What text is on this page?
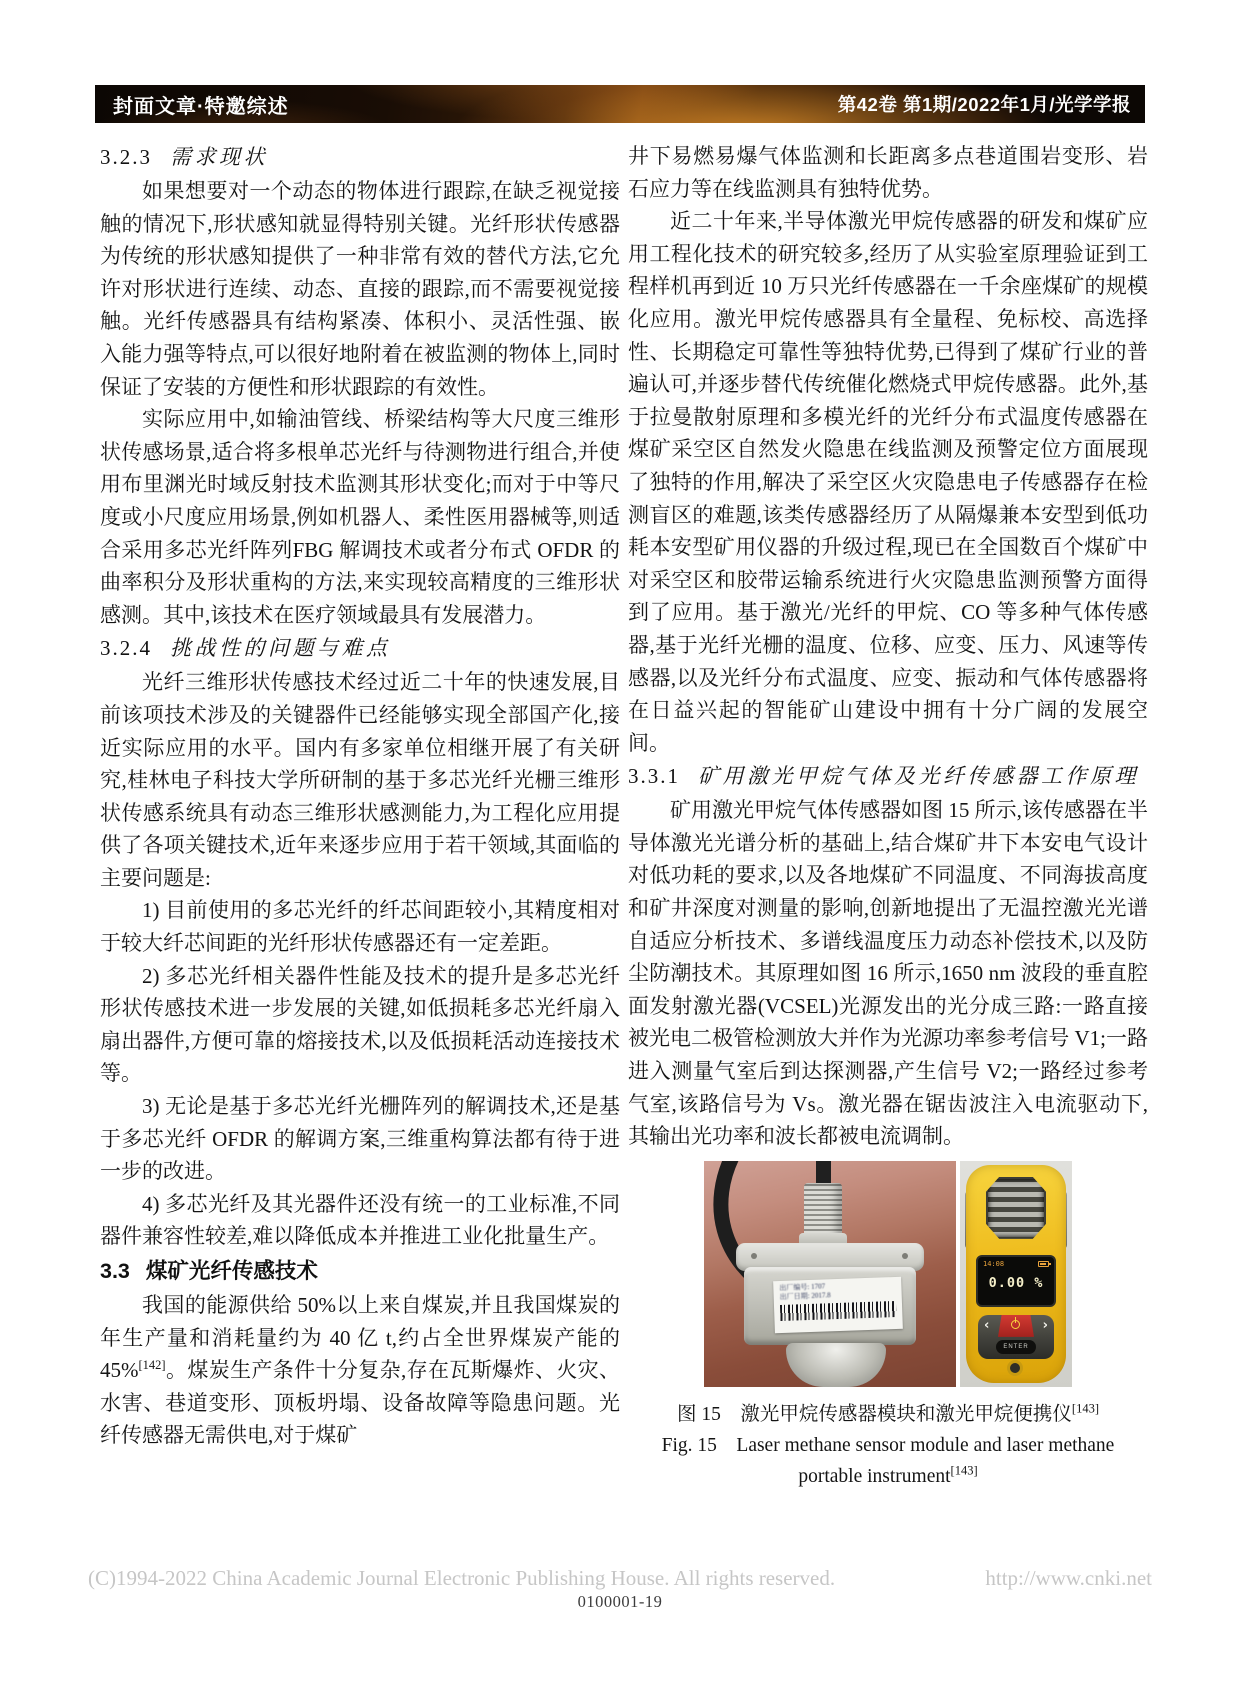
封面文章·特邀综述	第42卷 第1期/2022年1月/光学学报
3.2.3 需求现状

如果想要对一个动态的物体进行跟踪,在缺乏视觉接触的情况下,形状感知就显得特别关键。光纤形状传感器为传统的形状感知提供了一种非常有效的替代方法,它允许对形状进行连续、动态、直接的跟踪,而不需要视觉接触。光纤传感器具有结构紧凑、体积小、灵活性强、嵌入能力强等特点,可以很好地附着在被监测的物体上,同时保证了安装的方便性和形状跟踪的有效性。

实际应用中,如输油管线、桥梁结构等大尺度三维形状传感场景,适合将多根单芯光纤与待测物进行组合,并使用布里渊光时域反射技术监测其形状变化;而对于中等尺度或小尺度应用场景,例如机器人、柔性医用器械等,则适合采用多芯光纤阵列FBG 解调技术或者分布式 OFDR 的曲率积分及形状重构的方法,来实现较高精度的三维形状感测。其中,该技术在医疗领域最具有发展潜力。

3.2.4 挑战性的问题与难点

光纤三维形状传感技术经过近二十年的快速发展,目前该项技术涉及的关键器件已经能够实现全部国产化,接近实际应用的水平。国内有多家单位相继开展了有关研究,桂林电子科技大学所研制的基于多芯光纤光栅三维形状传感系统具有动态三维形状感测能力,为工程化应用提供了各项关键技术,近年来逐步应用于若干领域,其面临的主要问题是:

1) 目前使用的多芯光纤的纤芯间距较小,其精度相对于较大纤芯间距的光纤形状传感器还有一定差距。

2) 多芯光纤相关器件性能及技术的提升是多芯光纤形状传感技术进一步发展的关键,如低损耗多芯光纤扇入扇出器件,方便可靠的熔接技术,以及低损耗活动连接技术等。

3) 无论是基于多芯光纤光栅阵列的解调技术,还是基于多芯光纤 OFDR 的解调方案,三维重构算法都有待于进一步的改进。

4) 多芯光纤及其光器件还没有统一的工业标准,不同器件兼容性较差,难以降低成本并推进工业化批量生产。

3.3 煤矿光纤传感技术

我国的能源供给 50%以上来自煤炭,并且我国煤炭的年生产量和消耗量约为 40 亿 t,约占全世界煤炭产能的 45%[142]。煤炭生产条件十分复杂,存在瓦斯爆炸、火灾、水害、巷道变形、顶板坍塌、设备故障等隐患问题。光纤传感器无需供电,对于煤矿

井下易燃易爆气体监测和长距离多点巷道围岩变形、岩石应力等在线监测具有独特优势。

近二十年来,半导体激光甲烷传感器的研发和煤矿应用工程化技术的研究较多,经历了从实验室原理验证到工程样机再到近 10 万只光纤传感器在一千余座煤矿的规模化应用。激光甲烷传感器具有全量程、免标校、高选择性、长期稳定可靠性等独特优势,已得到了煤矿行业的普遍认可,并逐步替代传统催化燃烧式甲烷传感器。此外,基于拉曼散射原理和多模光纤的光纤分布式温度传感器在煤矿采空区自然发火隐患在线监测及预警定位方面展现了独特的作用,解决了采空区火灾隐患电子传感器存在检测盲区的难题,该类传感器经历了从隔爆兼本安型到低功耗本安型矿用仪器的升级过程,现已在全国数百个煤矿中对采空区和胶带运输系统进行火灾隐患监测预警方面得到了应用。基于激光/光纤的甲烷、CO 等多种气体传感器,基于光纤光栅的温度、位移、应变、压力、风速等传感器,以及光纤分布式温度、应变、振动和气体传感器将在日益兴起的智能矿山建设中拥有十分广阔的发展空间。

3.3.1 矿用激光甲烷气体及光纤传感器工作原理

矿用激光甲烷气体传感器如图 15 所示,该传感器在半导体激光光谱分析的基础上,结合煤矿井下本安电气设计对低功耗的要求,以及各地煤矿不同温度、不同海拔高度和矿井深度对测量的影响,创新地提出了无温控激光光谱自适应分析技术、多谱线温度压力动态补偿技术,以及防尘防潮技术。其原理如图 16 所示,1650 nm 波段的垂直腔面发射激光器(VCSEL)光源发出的光分成三路:一路直接被光电二极管检测放大并作为光源功率参考信号 V1;一路进入测量气室后到达探测器,产生信号 V2;一路经过参考气室,该路信号为 Vs。激光器在锯齿波注入电流驱动下,其输出光功率和波长都被电流调制。

出厂编号: 1707
出厂日期: 2017.8
14:08
0.00 %
‹	›
ENTER
图 15　激光甲烷传感器模块和激光甲烷便携仪[143]
Fig. 15　Laser methane sensor module and laser methane
portable instrument[143]
(C)1994-2022 China Academic Journal Electronic Publishing House. All rights reserved.	http://www.cnki.net
0100001-19
